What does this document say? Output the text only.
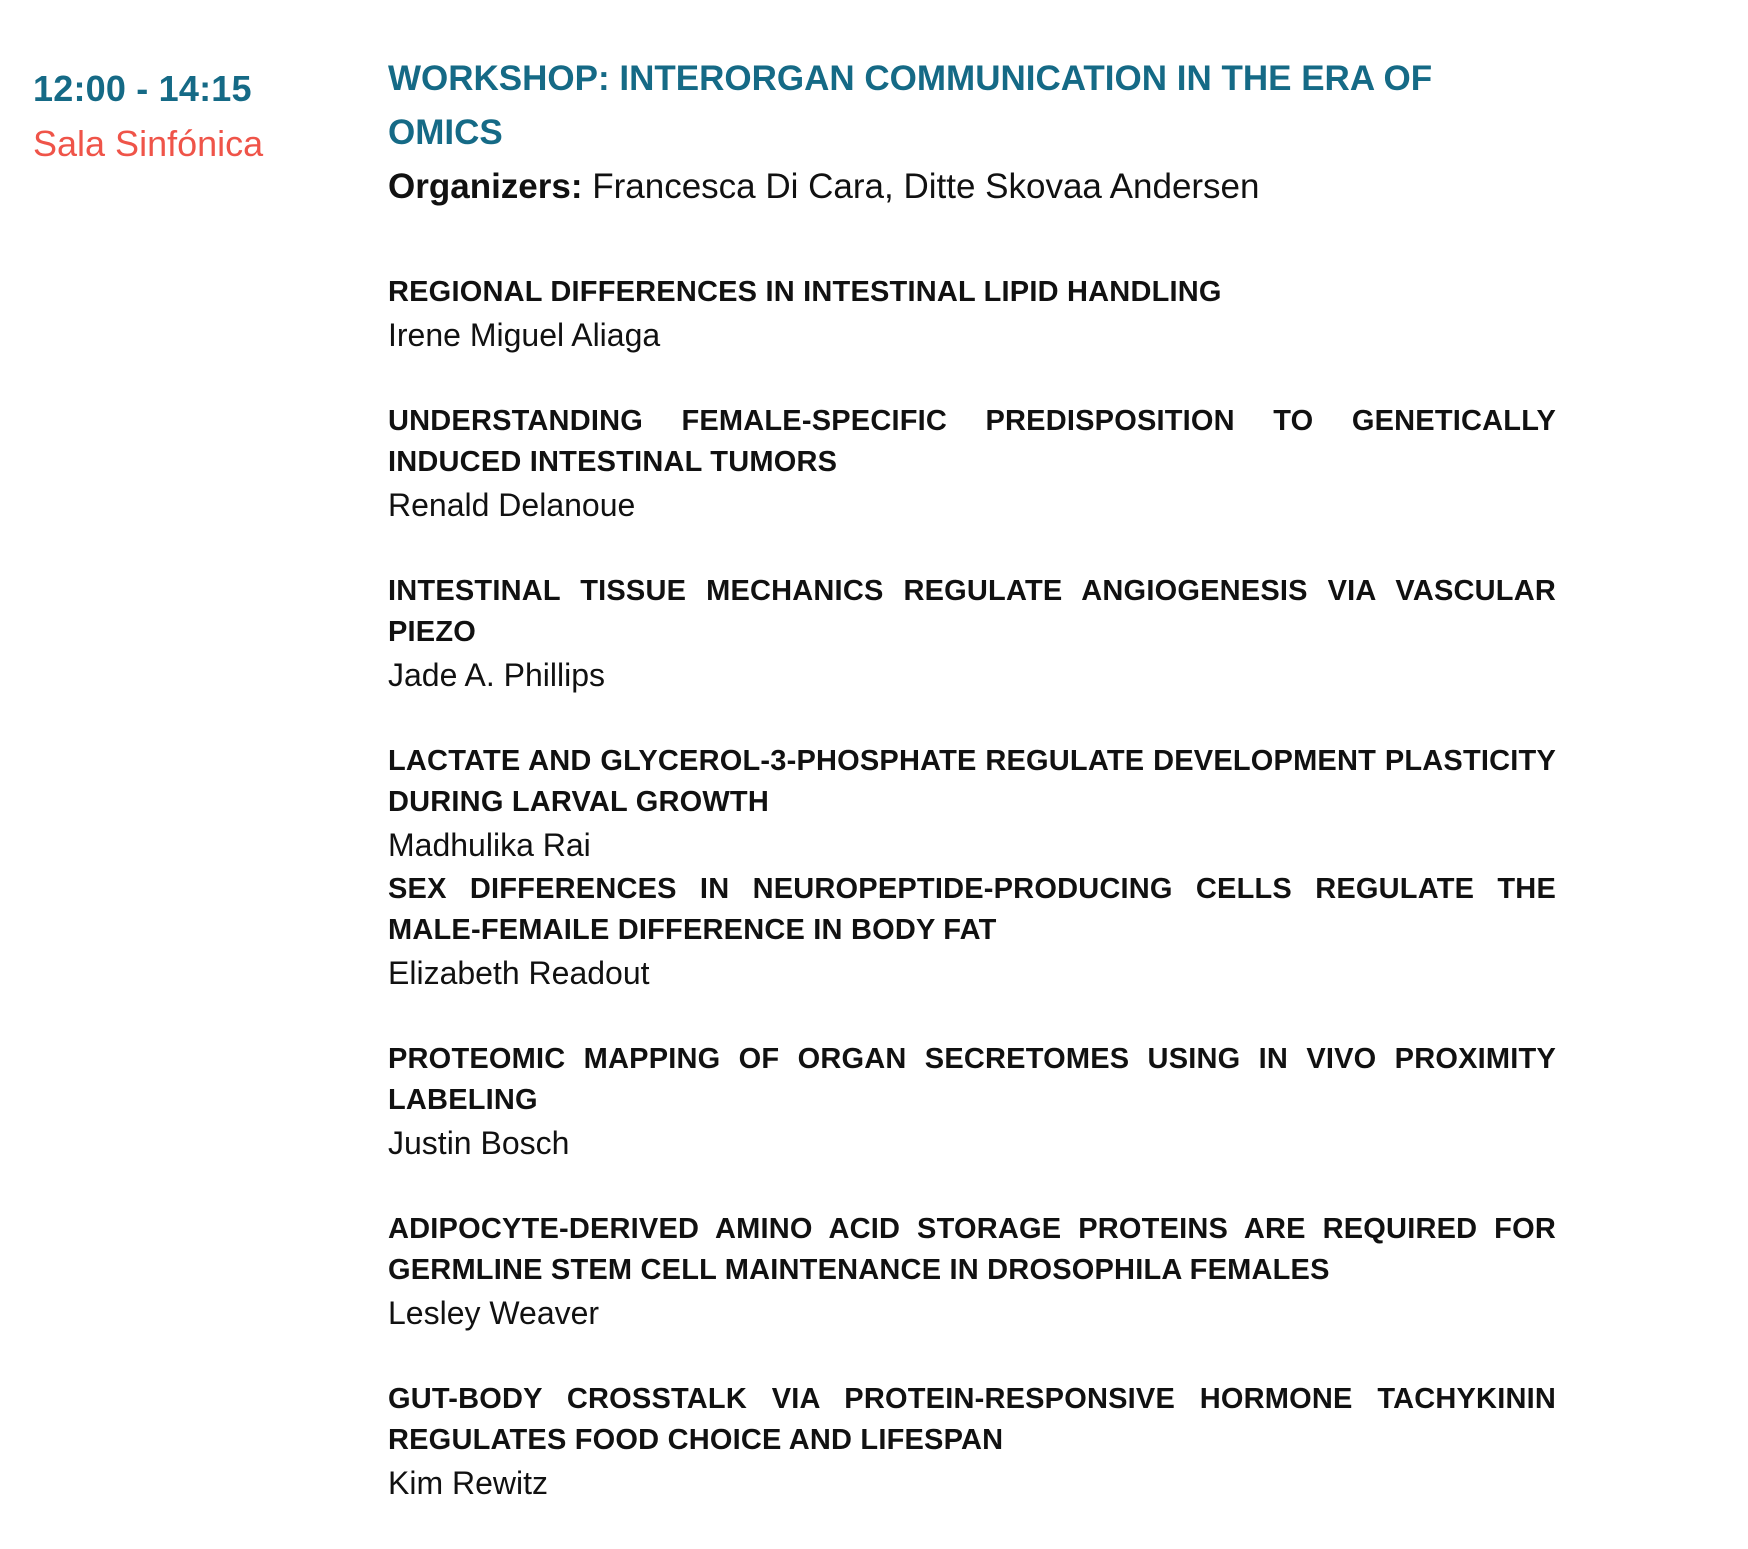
12:00 - 14:15
Sala Sinfónica
WORKSHOP: INTERORGAN COMMUNICATION IN THE ERA OF OMICS

Organizers: Francesca Di Cara, Ditte Skovaa Andersen

REGIONAL DIFFERENCES IN INTESTINAL LIPID HANDLING
Irene Miguel Aliaga
UNDERSTANDING FEMALE-SPECIFIC PREDISPOSITION TO GENETICALLY INDUCED INTESTINAL TUMORS
Renald Delanoue
INTESTINAL TISSUE MECHANICS REGULATE ANGIOGENESIS VIA VASCULAR PIEZO
Jade A. Phillips
LACTATE AND GLYCEROL-3-PHOSPHATE REGULATE DEVELOPMENT PLASTICITY DURING LARVAL GROWTH
Madhulika Rai
SEX DIFFERENCES IN NEUROPEPTIDE-PRODUCING CELLS REGULATE THE MALE-FEMAILE DIFFERENCE IN BODY FAT
Elizabeth Readout
PROTEOMIC MAPPING OF ORGAN SECRETOMES USING IN VIVO PROXIMITY LABELING
Justin Bosch
ADIPOCYTE-DERIVED AMINO ACID STORAGE PROTEINS ARE REQUIRED FOR GERMLINE STEM CELL MAINTENANCE IN DROSOPHILA FEMALES
Lesley Weaver
GUT-BODY CROSSTALK VIA PROTEIN-RESPONSIVE HORMONE TACHYKININ REGULATES FOOD CHOICE AND LIFESPAN
Kim Rewitz
